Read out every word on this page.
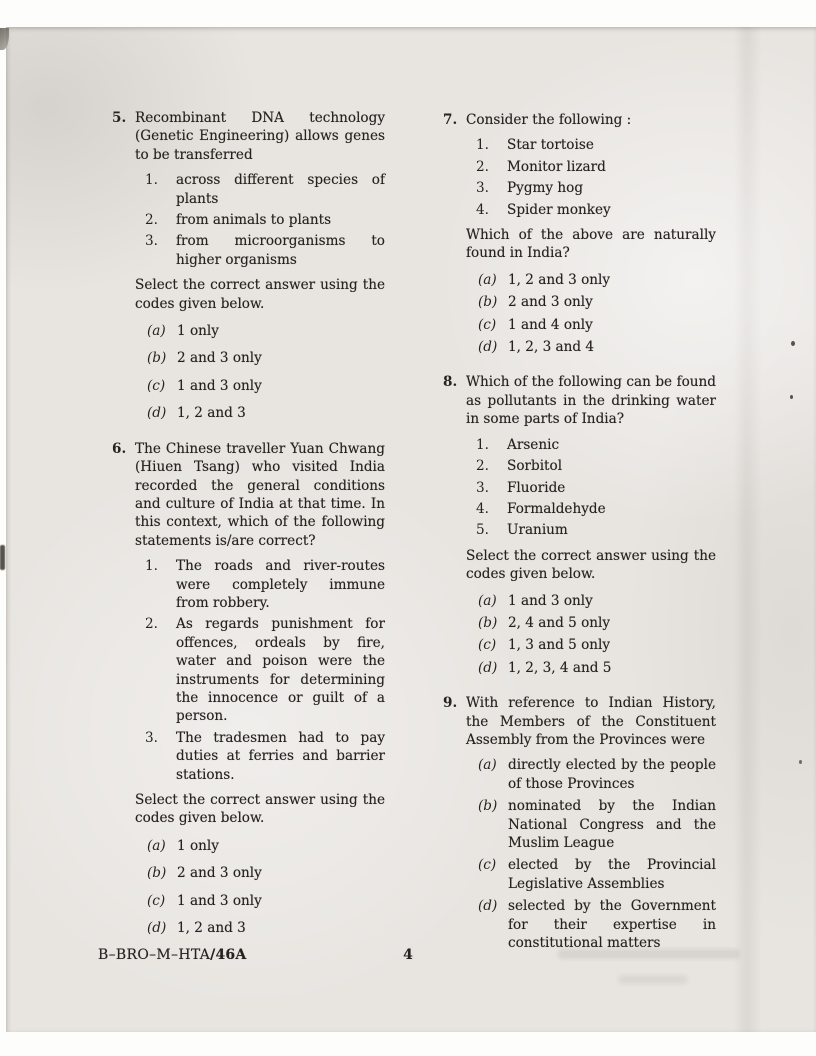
5. Recombinant DNA technology (Genetic Engineering) allows genes to be transferred

1.	across different species of plants
2.	from animals to plants
3.	from microorganisms to higher organisms

Select the correct answer using the codes given below.

(a) 1 only
(b) 2 and 3 only
(c) 1 and 3 only
(d) 1, 2 and 3
6. The Chinese traveller Yuan Chwang (Hiuen Tsang) who visited India recorded the general conditions and culture of India at that time. In this context, which of the following statements is/are correct?

1.	The roads and river-routes were completely immune from robbery.
2.	As regards punishment for offences, ordeals by fire, water and poison were the instruments for determining the innocence or guilt of a person.
3.	The tradesmen had to pay duties at ferries and barrier stations.

Select the correct answer using the codes given below.

(a) 1 only
(b) 2 and 3 only
(c) 1 and 3 only
(d) 1, 2 and 3
7. Consider the following :

1.	Star tortoise
2.	Monitor lizard
3.	Pygmy hog
4.	Spider monkey

Which of the above are naturally found in India?

(a) 1, 2 and 3 only
(b) 2 and 3 only
(c) 1 and 4 only
(d) 1, 2, 3 and 4
8. Which of the following can be found as pollutants in the drinking water in some parts of India?

1.	Arsenic
2.	Sorbitol
3.	Fluoride
4.	Formaldehyde
5.	Uranium

Select the correct answer using the codes given below.

(a) 1 and 3 only
(b) 2, 4 and 5 only
(c) 1, 3 and 5 only
(d) 1, 2, 3, 4 and 5
9. With reference to Indian History, the Members of the Constituent Assembly from the Provinces were

(a) directly elected by the people of those Provinces
(b) nominated by the Indian National Congress and the Muslim League
(c) elected by the Provincial Legislative Assemblies
(d) selected by the Government for their expertise in constitutional matters
B–BRO–M–HTA/46A	4
